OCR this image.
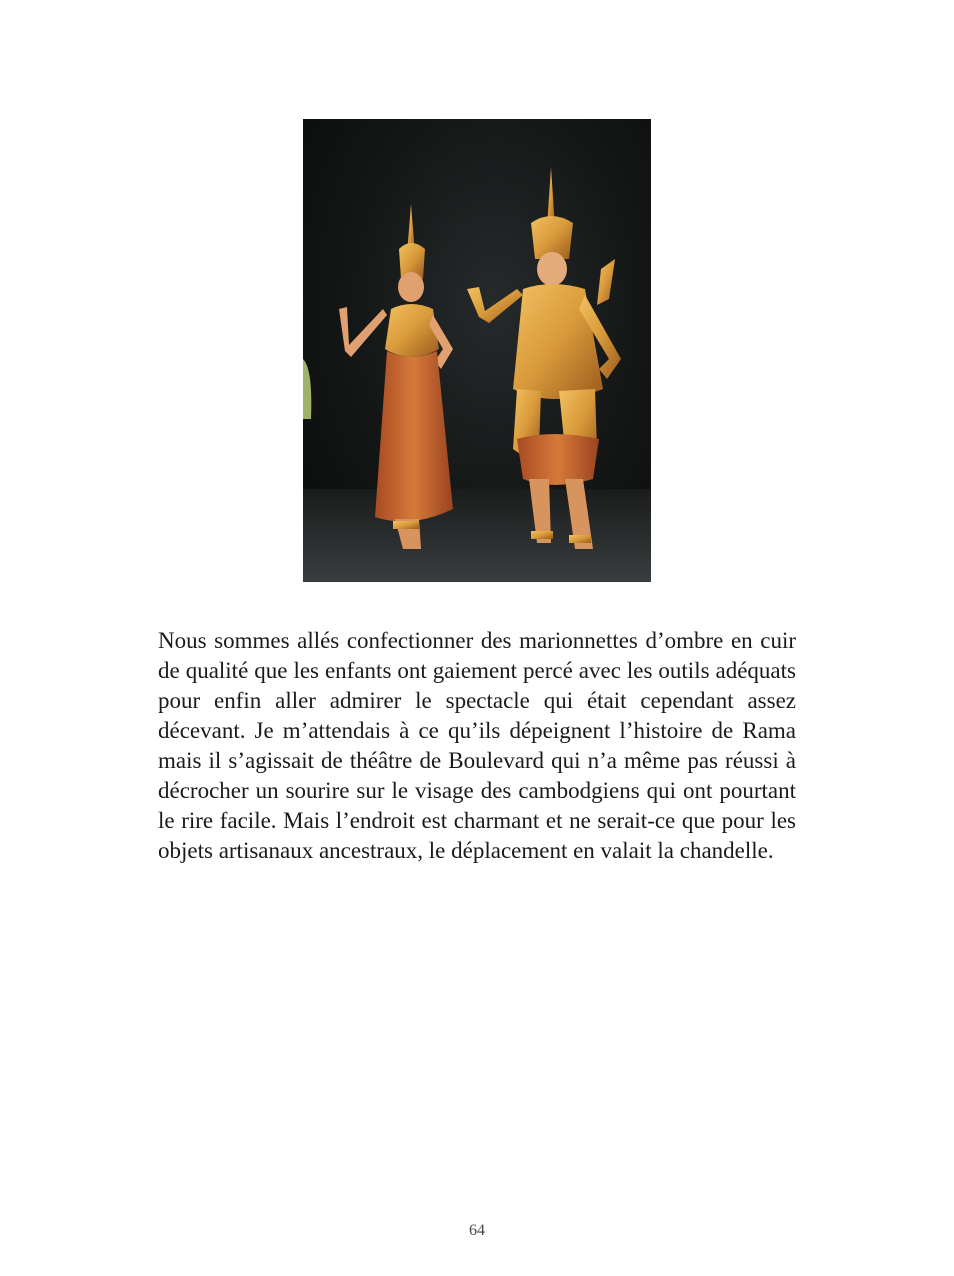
Nous sommes allés confectionner des marionnettes d’ombre en cuir de qualité que les enfants ont gaiement percé avec les outils adéquats pour enfin aller admirer le spectacle qui était cependant assez décevant. Je m’attendais à ce qu’ils dépeignent l’histoire de Rama mais il s’agissait de théâtre de Boulevard qui n’a même pas réussi à décrocher un sourire sur le visage des cambodgiens qui ont pourtant le rire facile. Mais l’endroit est charmant et ne serait-ce que pour les objets artisanaux ancestraux, le déplacement en valait la chandelle.

64
